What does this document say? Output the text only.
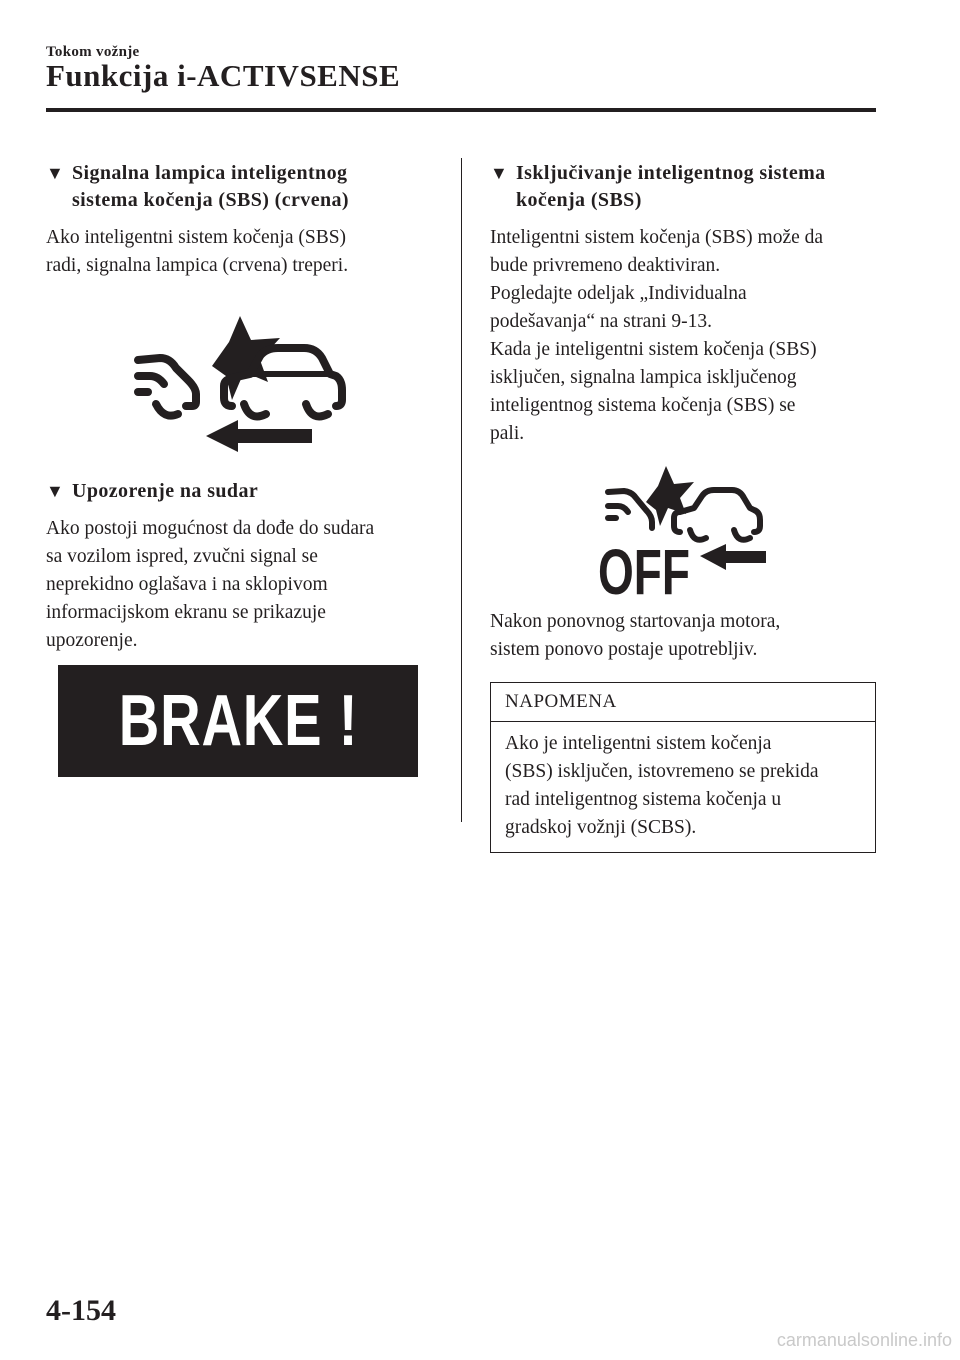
Tokom vožnje
Funkcija i-ACTIVSENSE
▼ Signalna lampica inteligentnog
sistema kočenja (SBS) (crvena)

Ako inteligentni sistem kočenja (SBS)
radi, signalna lampica (crvena) treperi.

▼ Upozorenje na sudar

Ako postoji mogućnost da dođe do sudara
sa vozilom ispred, zvučni signal se
neprekidno oglašava i na sklopivom
informacijskom ekranu se prikazuje
upozorenje.

BRAKE !
▼ Isključivanje inteligentnog sistema
kočenja (SBS)

Inteligentni sistem kočenja (SBS) može da
bude privremeno deaktiviran.
Pogledajte odeljak „Individualna
podešavanja“ na strani 9-13.
Kada je inteligentni sistem kočenja (SBS)
isključen, signalna lampica isključenog
inteligentnog sistema kočenja (SBS) se
pali.

OFF

Nakon ponovnog startovanja motora,
sistem ponovo postaje upotrebljiv.

NAPOMENA
Ako je inteligentni sistem kočenja
(SBS) isključen, istovremeno se prekida
rad inteligentnog sistema kočenja u
gradskoj vožnji (SCBS).
4-154
carmanualsonline.info
